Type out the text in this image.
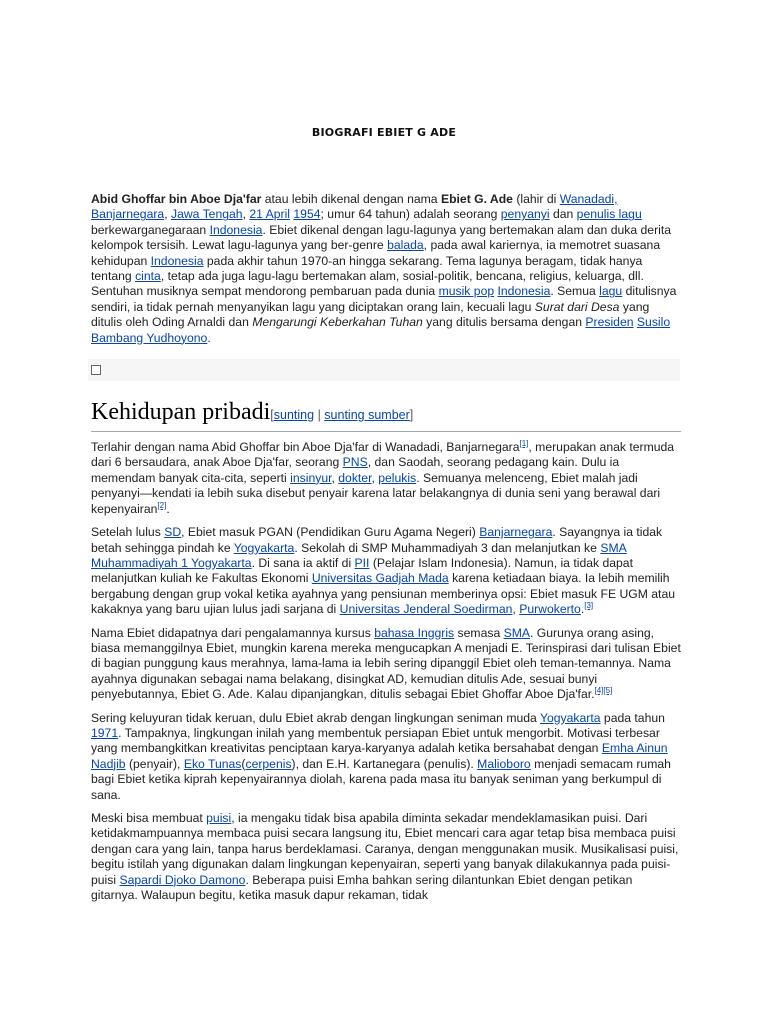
BIOGRAFI EBIET G ADE

Abid Ghoffar bin Aboe Dja'far atau lebih dikenal dengan nama Ebiet G. Ade (lahir di Wanadadi, Banjarnegara, Jawa Tengah, 21 April 1954; umur 64 tahun) adalah seorang penyanyi dan penulis lagu berkewarganegaraan Indonesia. Ebiet dikenal dengan lagu-lagunya yang bertemakan alam dan duka derita kelompok tersisih. Lewat lagu-lagunya yang ber-genre balada, pada awal kariernya, ia memotret suasana kehidupan Indonesia pada akhir tahun 1970-an hingga sekarang. Tema lagunya beragam, tidak hanya tentang cinta, tetap ada juga lagu-lagu bertemakan alam, sosial-politik, bencana, religius, keluarga, dll. Sentuhan musiknya sempat mendorong pembaruan pada dunia musik pop Indonesia. Semua lagu ditulisnya sendiri, ia tidak pernah menyanyikan lagu yang diciptakan orang lain, kecuali lagu Surat dari Desa yang ditulis oleh Oding Arnaldi dan Mengarungi Keberkahan Tuhan yang ditulis bersama dengan Presiden Susilo Bambang Yudhoyono.

Kehidupan pribadi[sunting | sunting sumber]

Terlahir dengan nama Abid Ghoffar bin Aboe Dja'far di Wanadadi, Banjarnegara[1], merupakan anak termuda dari 6 bersaudara, anak Aboe Dja'far, seorang PNS, dan Saodah, seorang pedagang kain. Dulu ia memendam banyak cita-cita, seperti insinyur, dokter, pelukis. Semuanya melenceng, Ebiet malah jadi penyanyi—kendati ia lebih suka disebut penyair karena latar belakangnya di dunia seni yang berawal dari kepenyairan[2].

Setelah lulus SD, Ebiet masuk PGAN (Pendidikan Guru Agama Negeri) Banjarnegara. Sayangnya ia tidak betah sehingga pindah ke Yogyakarta. Sekolah di SMP Muhammadiyah 3 dan melanjutkan ke SMA Muhammadiyah 1 Yogyakarta. Di sana ia aktif di PII (Pelajar Islam Indonesia). Namun, ia tidak dapat melanjutkan kuliah ke Fakultas Ekonomi Universitas Gadjah Mada karena ketiadaan biaya. Ia lebih memilih bergabung dengan grup vokal ketika ayahnya yang pensiunan memberinya opsi: Ebiet masuk FE UGM atau kakaknya yang baru ujian lulus jadi sarjana di Universitas Jenderal Soedirman, Purwokerto.[3]

Nama Ebiet didapatnya dari pengalamannya kursus bahasa Inggris semasa SMA. Gurunya orang asing, biasa memanggilnya Ebiet, mungkin karena mereka mengucapkan A menjadi E. Terinspirasi dari tulisan Ebiet di bagian punggung kaus merahnya, lama-lama ia lebih sering dipanggil Ebiet oleh teman-temannya. Nama ayahnya digunakan sebagai nama belakang, disingkat AD, kemudian ditulis Ade, sesuai bunyi penyebutannya, Ebiet G. Ade. Kalau dipanjangkan, ditulis sebagai Ebiet Ghoffar Aboe Dja'far.[4][5]

Sering keluyuran tidak keruan, dulu Ebiet akrab dengan lingkungan seniman muda Yogyakarta pada tahun 1971. Tampaknya, lingkungan inilah yang membentuk persiapan Ebiet untuk mengorbit. Motivasi terbesar yang membangkitkan kreativitas penciptaan karya-karyanya adalah ketika bersahabat dengan Emha Ainun Nadjib (penyair), Eko Tunas(cerpenis), dan E.H. Kartanegara (penulis). Malioboro menjadi semacam rumah bagi Ebiet ketika kiprah kepenyairannya diolah, karena pada masa itu banyak seniman yang berkumpul di sana.

Meski bisa membuat puisi, ia mengaku tidak bisa apabila diminta sekadar mendeklamasikan puisi. Dari ketidakmampuannya membaca puisi secara langsung itu, Ebiet mencari cara agar tetap bisa membaca puisi dengan cara yang lain, tanpa harus berdeklamasi. Caranya, dengan menggunakan musik. Musikalisasi puisi, begitu istilah yang digunakan dalam lingkungan kepenyairan, seperti yang banyak dilakukannya pada puisi-puisi Sapardi Djoko Damono. Beberapa puisi Emha bahkan sering dilantunkan Ebiet dengan petikan gitarnya. Walaupun begitu, ketika masuk dapur rekaman, tidak
